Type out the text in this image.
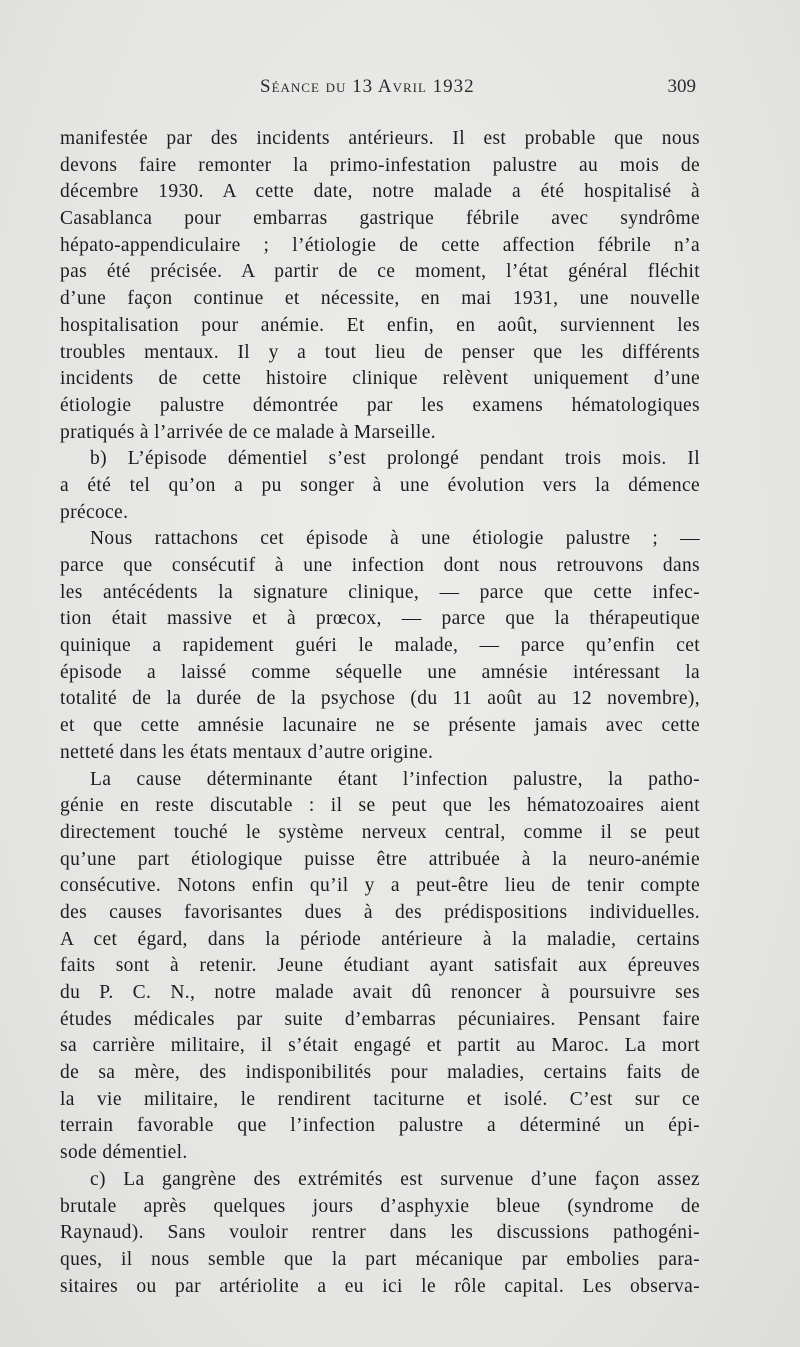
Séance du 13 Avril 1932	309
manifestée par des incidents antérieurs. Il est probable que nous
devons faire remonter la primo-infestation palustre au mois de
décembre 1930. A cette date, notre malade a été hospitalisé à
Casablanca pour embarras gastrique fébrile avec syndrôme
hépato-appendiculaire ; l’étiologie de cette affection fébrile n’a
pas été précisée. A partir de ce moment, l’état général fléchit
d’une façon continue et nécessite, en mai 1931, une nouvelle
hospitalisation pour anémie. Et enfin, en août, surviennent les
troubles mentaux. Il y a tout lieu de penser que les différents
incidents de cette histoire clinique relèvent uniquement d’une
étiologie palustre démontrée par les examens hématologiques
pratiqués à l’arrivée de ce malade à Marseille.
b) L’épisode démentiel s’est prolongé pendant trois mois. Il
a été tel qu’on a pu songer à une évolution vers la démence
précoce.
Nous rattachons cet épisode à une étiologie palustre ; —
parce que consécutif à une infection dont nous retrouvons dans
les antécédents la signature clinique, — parce que cette infec-
tion était massive et à prœcox, — parce que la thérapeutique
quinique a rapidement guéri le malade, — parce qu’enfin cet
épisode a laissé comme séquelle une amnésie intéressant la
totalité de la durée de la psychose (du 11 août au 12 novembre),
et que cette amnésie lacunaire ne se présente jamais avec cette
netteté dans les états mentaux d’autre origine.
La cause déterminante étant l’infection palustre, la patho-
génie en reste discutable : il se peut que les hématozoaires aient
directement touché le système nerveux central, comme il se peut
qu’une part étiologique puisse être attribuée à la neuro-anémie
consécutive. Notons enfin qu’il y a peut-être lieu de tenir compte
des causes favorisantes dues à des prédispositions individuelles.
A cet égard, dans la période antérieure à la maladie, certains
faits sont à retenir. Jeune étudiant ayant satisfait aux épreuves
du P. C. N., notre malade avait dû renoncer à poursuivre ses
études médicales par suite d’embarras pécuniaires. Pensant faire
sa carrière militaire, il s’était engagé et partit au Maroc. La mort
de sa mère, des indisponibilités pour maladies, certains faits de
la vie militaire, le rendirent taciturne et isolé. C’est sur ce
terrain favorable que l’infection palustre a déterminé un épi-
sode démentiel.
c) La gangrène des extrémités est survenue d’une façon assez
brutale après quelques jours d’asphyxie bleue (syndrome de
Raynaud). Sans vouloir rentrer dans les discussions pathogéni-
ques, il nous semble que la part mécanique par embolies para-
sitaires ou par artériolite a eu ici le rôle capital. Les observa-
